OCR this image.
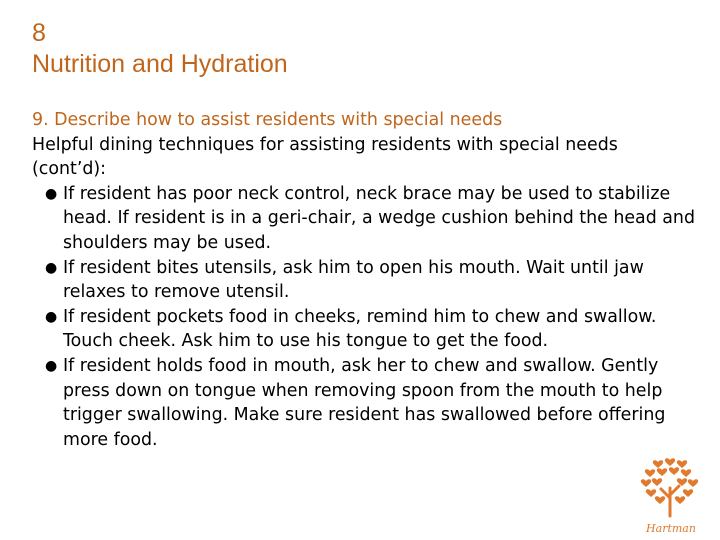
8
Nutrition and Hydration
9. Describe how to assist residents with special needs

Helpful dining techniques for assisting residents with special needs (cont’d):

● If resident has poor neck control, neck brace may be used to stabilize head. If resident is in a geri-chair, a wedge cushion behind the head and shoulders may be used.
● If resident bites utensils, ask him to open his mouth. Wait until jaw relaxes to remove utensil.
● If resident pockets food in cheeks, remind him to chew and swallow. Touch cheek. Ask him to use his tongue to get the food.
● If resident holds food in mouth, ask her to chew and swallow. Gently press down on tongue when removing spoon from the mouth to help trigger swallowing. Make sure resident has swallowed before offering more food.
Hartman
